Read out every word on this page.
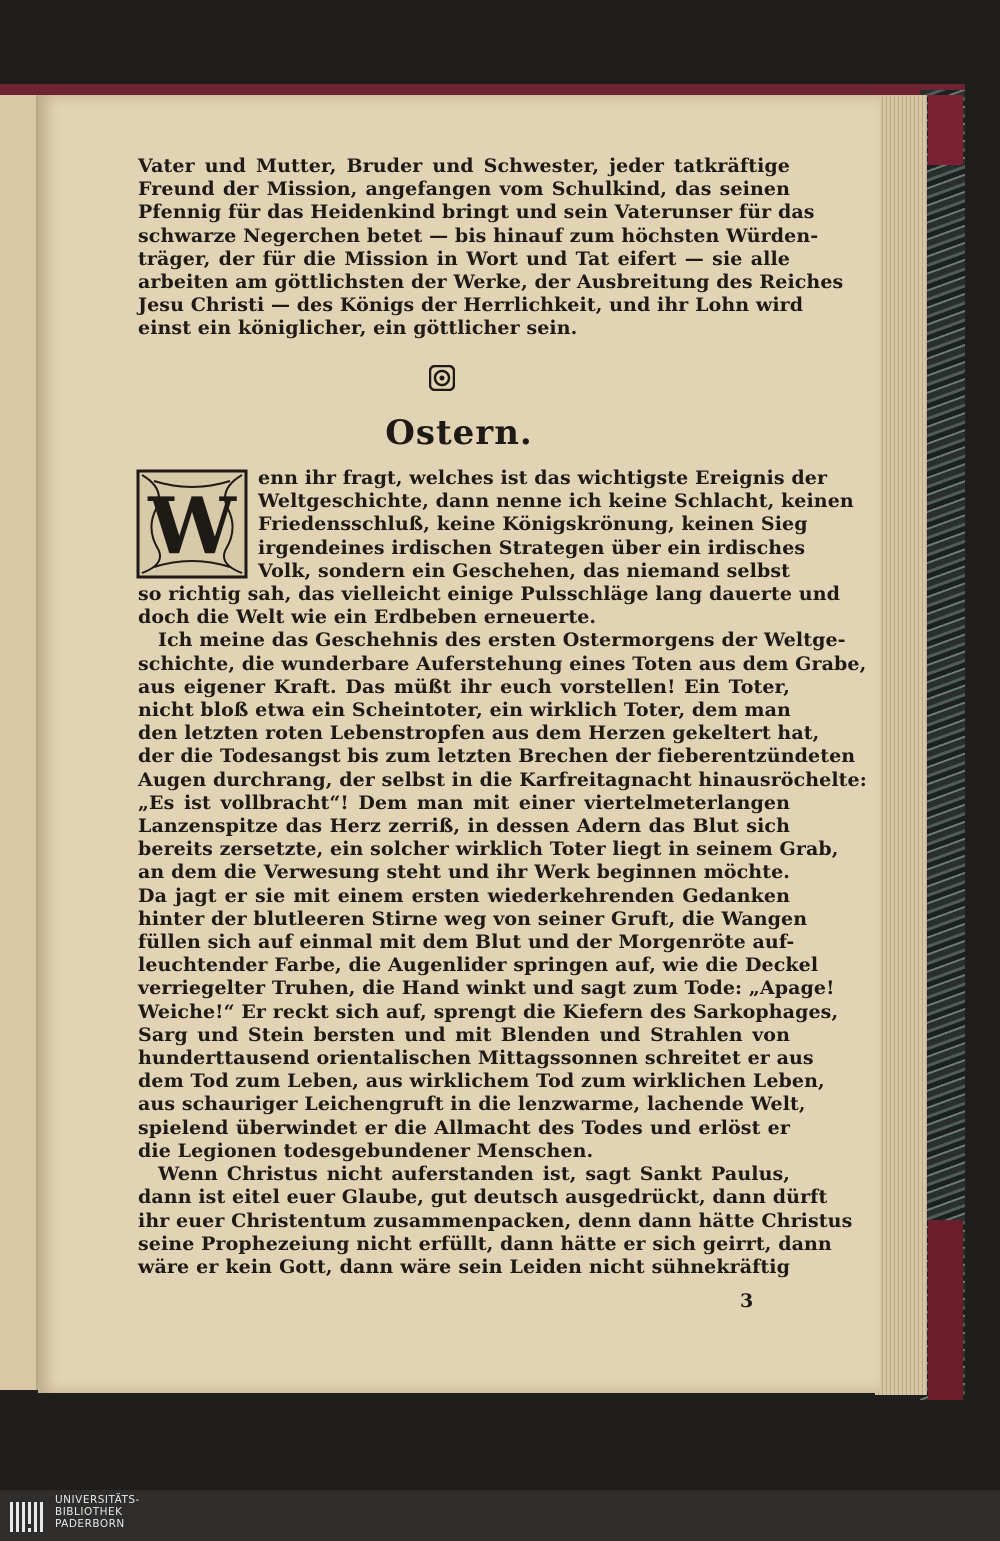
Vater und Mutter, Bruder und Schwester, jeder tatkräftige
Freund der Mission, angefangen vom Schulkind, das seinen
Pfennig für das Heidenkind bringt und sein Vaterunser für das
schwarze Negerchen betet — bis hinauf zum höchsten Würden-
träger, der für die Mission in Wort und Tat eifert — sie alle
arbeiten am göttlichsten der Werke, der Ausbreitung des Reiches
Jesu Christi — des Königs der Herrlichkeit, und ihr Lohn wird
einst ein königlicher, ein göttlicher sein.
Ostern.
W
enn ihr fragt, welches ist das wichtigste Ereignis der
Weltgeschichte, dann nenne ich keine Schlacht, keinen
Friedensschluß, keine Königskrönung, keinen Sieg
irgendeines irdischen Strategen über ein irdisches
Volk, sondern ein Geschehen, das niemand selbst
so richtig sah, das vielleicht einige Pulsschläge lang dauerte und
doch die Welt wie ein Erdbeben erneuerte.
Ich meine das Geschehnis des ersten Ostermorgens der Weltge-
schichte, die wunderbare Auferstehung eines Toten aus dem Grabe,
aus eigener Kraft. Das müßt ihr euch vorstellen! Ein Toter,
nicht bloß etwa ein Scheintoter, ein wirklich Toter, dem man
den letzten roten Lebenstropfen aus dem Herzen gekeltert hat,
der die Todesangst bis zum letzten Brechen der fieberentzündeten
Augen durchrang, der selbst in die Karfreitagnacht hinausröchelte:
„Es ist vollbracht“! Dem man mit einer viertelmeterlangen
Lanzenspitze das Herz zerriß, in dessen Adern das Blut sich
bereits zersetzte, ein solcher wirklich Toter liegt in seinem Grab,
an dem die Verwesung steht und ihr Werk beginnen möchte.
Da jagt er sie mit einem ersten wiederkehrenden Gedanken
hinter der blutleeren Stirne weg von seiner Gruft, die Wangen
füllen sich auf einmal mit dem Blut und der Morgenröte auf-
leuchtender Farbe, die Augenlider springen auf, wie die Deckel
verriegelter Truhen, die Hand winkt und sagt zum Tode: „Apage!
Weiche!“ Er reckt sich auf, sprengt die Kiefern des Sarkophages,
Sarg und Stein bersten und mit Blenden und Strahlen von
hunderttausend orientalischen Mittagssonnen schreitet er aus
dem Tod zum Leben, aus wirklichem Tod zum wirklichen Leben,
aus schauriger Leichengruft in die lenzwarme, lachende Welt,
spielend überwindet er die Allmacht des Todes und erlöst er
die Legionen todesgebundener Menschen.
Wenn Christus nicht auferstanden ist, sagt Sankt Paulus,
dann ist eitel euer Glaube, gut deutsch ausgedrückt, dann dürft
ihr euer Christentum zusammenpacken, denn dann hätte Christus
seine Prophezeiung nicht erfüllt, dann hätte er sich geirrt, dann
wäre er kein Gott, dann wäre sein Leiden nicht sühnekräftig
3
UNIVERSITÄTS-
BIBLIOTHEK
PADERBORN
